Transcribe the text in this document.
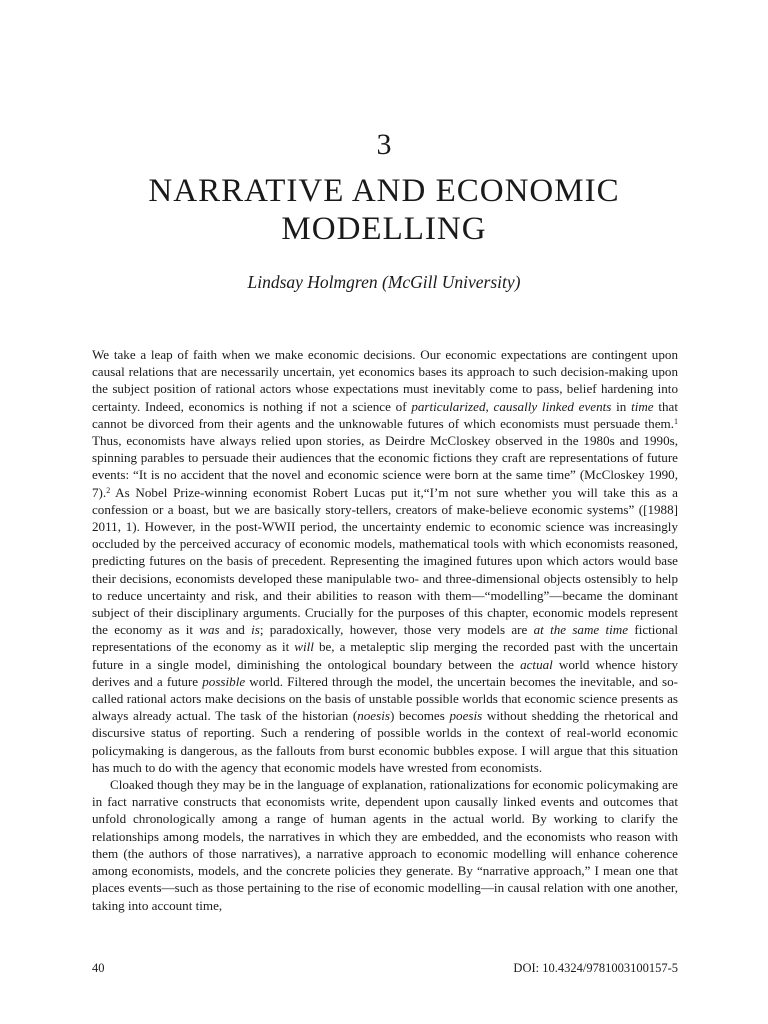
3
NARRATIVE AND ECONOMIC MODELLING
Lindsay Holmgren (McGill University)

We take a leap of faith when we make economic decisions. Our economic expectations are contingent upon causal relations that are necessarily uncertain, yet economics bases its approach to such decision-making upon the subject position of rational actors whose expectations must inevitably come to pass, belief hardening into certainty. Indeed, economics is nothing if not a science of particularized, causally linked events in time that cannot be divorced from their agents and the unknowable futures of which economists must persuade them.$^1$ Thus, economists have always relied upon stories, as Deirdre McCloskey observed in the 1980s and 1990s, spinning parables to persuade their audiences that the economic fictions they craft are representations of future events: “It is no accident that the novel and economic science were born at the same time” (McCloskey 1990, 7).$^2$ As Nobel Prize-winning economist Robert Lucas put it,“I’m not sure whether you will take this as a confession or a boast, but we are basically story-tellers, creators of make-believe economic systems” ([1988] 2011, 1). However, in the post-WWII period, the uncertainty endemic to economic science was increasingly occluded by the perceived accuracy of economic models, mathematical tools with which economists reasoned, predicting futures on the basis of precedent. Representing the imagined futures upon which actors would base their decisions, economists developed these manipulable two- and three-dimensional objects ostensibly to help to reduce uncertainty and risk, and their abilities to reason with them—“modelling”—became the dominant subject of their disciplinary arguments. Crucially for the purposes of this chapter, economic models represent the economy as it was and is; paradoxically, however, those very models are at the same time fictional representations of the economy as it will be, a metaleptic slip merging the recorded past with the uncertain future in a single model, diminishing the ontological boundary between the actual world whence history derives and a future possible world. Filtered through the model, the uncertain becomes the inevitable, and so-called rational actors make decisions on the basis of unstable possible worlds that economic science presents as always already actual. The task of the historian (noesis) becomes poesis without shedding the rhetorical and discursive status of reporting. Such a rendering of possible worlds in the context of real-world economic policymaking is dangerous, as the fallouts from burst economic bubbles expose. I will argue that this situation has much to do with the agency that economic models have wrested from economists.

Cloaked though they may be in the language of explanation, rationalizations for economic policymaking are in fact narrative constructs that economists write, dependent upon causally linked events and outcomes that unfold chronologically among a range of human agents in the actual world. By working to clarify the relationships among models, the narratives in which they are embedded, and the economists who reason with them (the authors of those narratives), a narrative approach to economic modelling will enhance coherence among economists, models, and the concrete policies they generate. By “narrative approach,” I mean one that places events—such as those pertaining to the rise of economic modelling—in causal relation with one another, taking into account time,

40	DOI: 10.4324/9781003100157-5
